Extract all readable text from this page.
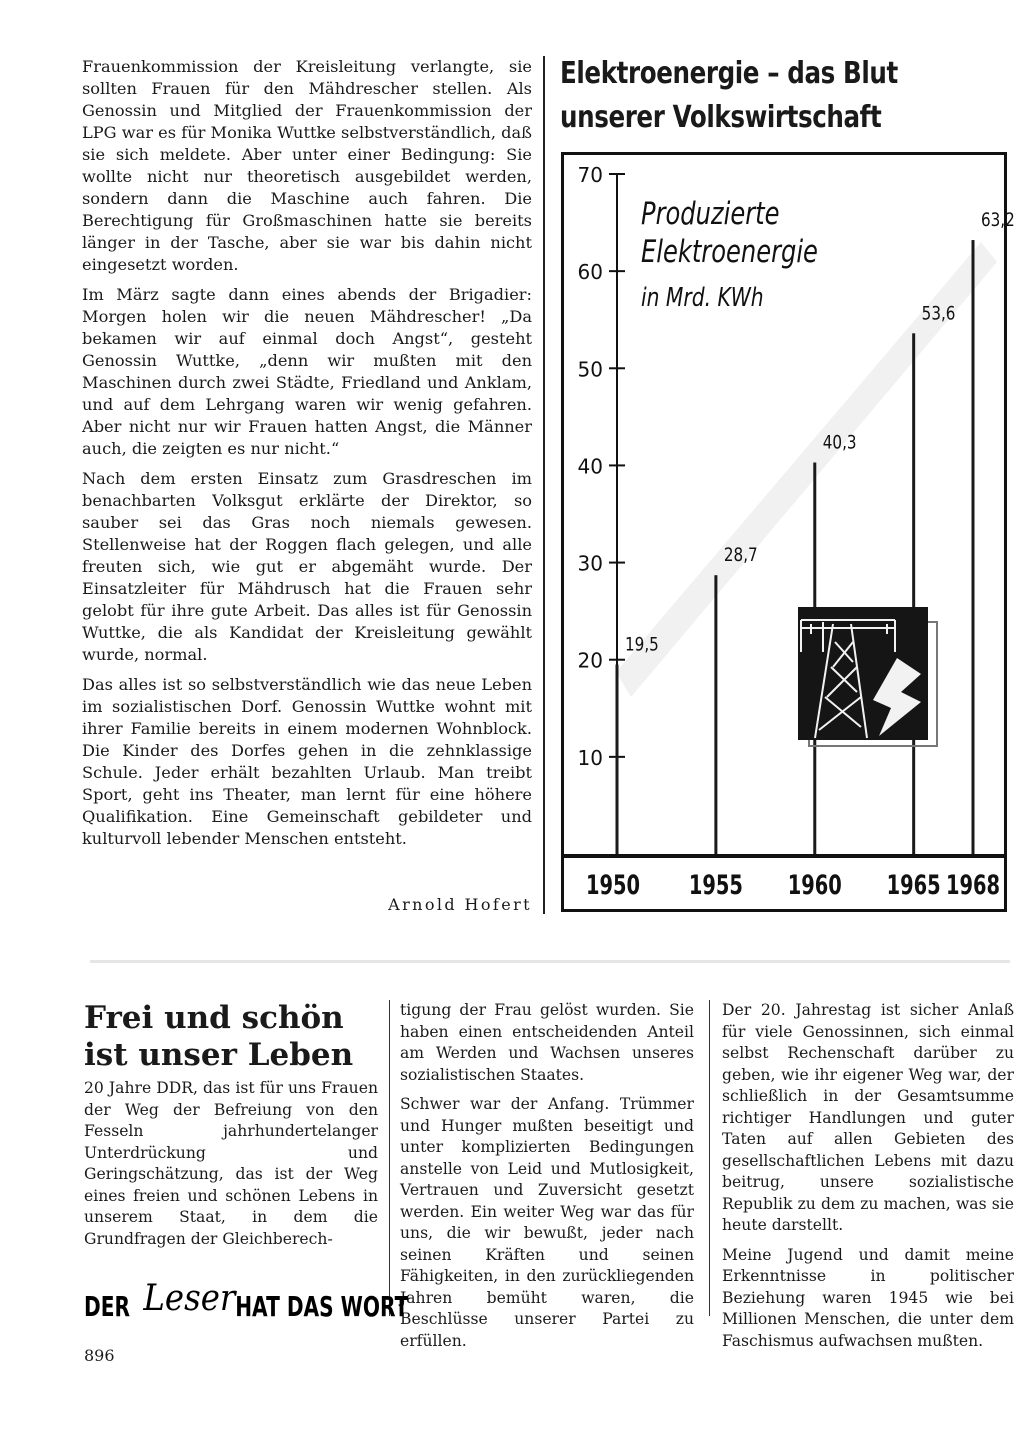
Frauenkommission der Kreisleitung verlangte, sie sollten Frauen für den Mähdrescher stellen. Als Genossin und Mitglied der Frauenkommission der LPG war es für Monika Wuttke selbstverständlich, daß sie sich meldete. Aber unter einer Bedingung: Sie wollte nicht nur theoretisch ausgebildet werden, sondern dann die Maschine auch fahren. Die Berechtigung für Großmaschinen hatte sie bereits länger in der Tasche, aber sie war bis dahin nicht eingesetzt worden.

Im März sagte dann eines abends der Brigadier: Morgen holen wir die neuen Mähdrescher! „Da bekamen wir auf einmal doch Angst“, gesteht Genossin Wuttke, „denn wir mußten mit den Maschinen durch zwei Städte, Friedland und Anklam, und auf dem Lehrgang waren wir wenig gefahren. Aber nicht nur wir Frauen hatten Angst, die Männer auch, die zeigten es nur nicht.“

Nach dem ersten Einsatz zum Grasdreschen im benachbarten Volksgut erklärte der Direktor, so sauber sei das Gras noch niemals gewesen. Stellenweise hat der Roggen flach gelegen, und alle freuten sich, wie gut er abgemäht wurde. Der Einsatzleiter für Mähdrusch hat die Frauen sehr gelobt für ihre gute Arbeit. Das alles ist für Genossin Wuttke, die als Kandidat der Kreisleitung gewählt wurde, normal.

Das alles ist so selbstverständlich wie das neue Leben im sozialistischen Dorf. Genossin Wuttke wohnt mit ihrer Familie bereits in einem modernen Wohnblock. Die Kinder des Dorfes gehen in die zehnklassige Schule. Jeder erhält bezahlten Urlaub. Man treibt Sport, geht ins Theater, man lernt für eine höhere Qualifikation. Eine Gemeinschaft gebildeter und kulturvoll lebender Menschen entsteht.

Arnold Hofert
Elektroenergie – das Blut
unserer Volkswirtschaft
10
20
30
40
50
60
70
19,5
28,7
40,3
53,6
63,2
1950 1955 1960 1965 1968
Produzierte
Elektroenergie
in Mrd. KWh
Frei und schön
ist unser Leben

20 Jahre DDR, das ist für uns Frauen der Weg der Befreiung von den Fesseln jahrhundertelanger Unterdrückung und Geringschätzung, das ist der Weg eines freien und schönen Lebens in unserem Staat, in dem die Grundfragen der Gleichberech-

tigung der Frau gelöst wurden. Sie haben einen entscheidenden Anteil am Werden und Wachsen unseres sozialistischen Staates.

Schwer war der Anfang. Trümmer und Hunger mußten beseitigt und unter komplizierten Bedingungen anstelle von Leid und Mutlosigkeit, Vertrauen und Zuversicht gesetzt werden. Ein weiter Weg war das für uns, die wir bewußt, jeder nach seinen Kräften und seinen Fähigkeiten, in den zurückliegenden Jahren bemüht waren, die Beschlüsse unserer Partei zu erfüllen.

Der 20. Jahrestag ist sicher Anlaß für viele Genossinnen, sich einmal selbst Rechenschaft darüber zu geben, wie ihr eigener Weg war, der schließlich in der Gesamtsumme richtiger Handlungen und guter Taten auf allen Gebieten des gesellschaftlichen Lebens mit dazu beitrug, unsere sozialistische Republik zu dem zu machen, was sie heute darstellt.

Meine Jugend und damit meine Erkenntnisse in politischer Beziehung waren 1945 wie bei Millionen Menschen, die unter dem Faschismus aufwachsen mußten.

DER Leser HAT DAS WORT
896
